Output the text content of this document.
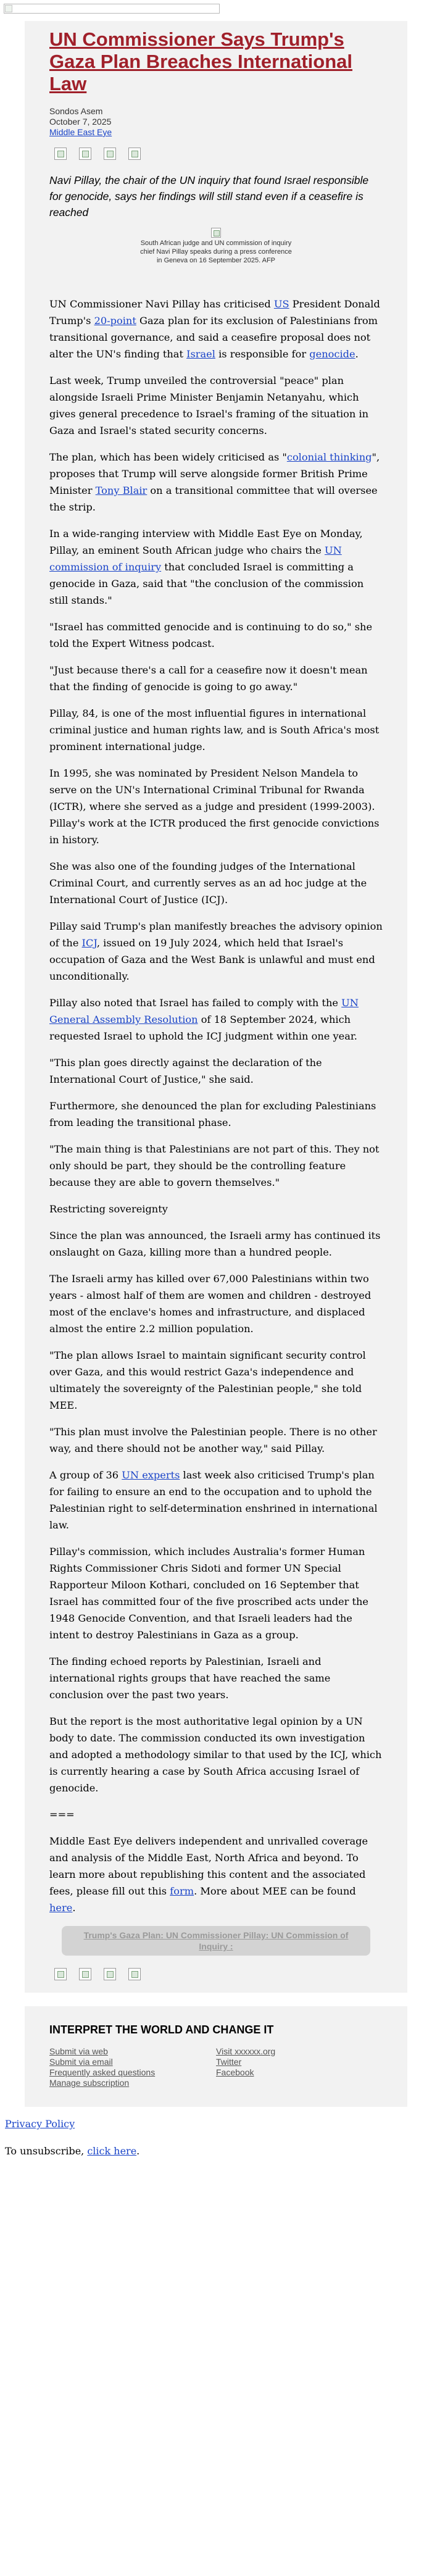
UN Commissioner Says Trump's Gaza Plan Breaches International Law

Sondos Asem

October 7, 2025

Middle East Eye

Navi Pillay, the chair of the UN inquiry that found Israel responsible for genocide, says her findings will still stand even if a ceasefire is reached

South African judge and UN commission of inquiry chief Navi Pillay speaks during a press conference in Geneva on 16 September 2025. AFP

UN Commissioner Navi Pillay has criticised US President Donald Trump's 20-point Gaza plan for its exclusion of Palestinians from transitional governance, and said a ceasefire proposal does not alter the UN's finding that Israel is responsible for genocide.

Last week, Trump unveiled the controversial "peace" plan alongside Israeli Prime Minister Benjamin Netanyahu, which gives general precedence to Israel's framing of the situation in Gaza and Israel's stated security concerns.

The plan, which has been widely criticised as "colonial thinking", proposes that Trump will serve alongside former British Prime Minister Tony Blair on a transitional committee that will oversee the strip.

In a wide-ranging interview with Middle East Eye on Monday, Pillay, an eminent South African judge who chairs the UN commission of inquiry that concluded Israel is committing a genocide in Gaza, said that "the conclusion of the commission still stands."

"Israel has committed genocide and is continuing to do so," she told the Expert Witness podcast.

"Just because there's a call for a ceasefire now it doesn't mean that the finding of genocide is going to go away."

Pillay, 84, is one of the most influential figures in international criminal justice and human rights law, and is South Africa's most prominent international judge.

In 1995, she was nominated by President Nelson Mandela to serve on the UN's International Criminal Tribunal for Rwanda (ICTR), where she served as a judge and president (1999-2003). Pillay's work at the ICTR produced the first genocide convictions in history.

She was also one of the founding judges of the International Criminal Court, and currently serves as an ad hoc judge at the International Court of Justice (ICJ).

Pillay said Trump's plan manifestly breaches the advisory opinion of the ICJ, issued on 19 July 2024, which held that Israel's occupation of Gaza and the West Bank is unlawful and must end unconditionally.

Pillay also noted that Israel has failed to comply with the UN General Assembly Resolution of 18 September 2024, which requested Israel to uphold the ICJ judgment within one year.

"This plan goes directly against the declaration of the International Court of Justice," she said.

Furthermore, she denounced the plan for excluding Palestinians from leading the transitional phase.

"The main thing is that Palestinians are not part of this. They not only should be part, they should be the controlling feature because they are able to govern themselves."

Restricting sovereignty

Since the plan was announced, the Israeli army has continued its onslaught on Gaza, killing more than a hundred people.

The Israeli army has killed over 67,000 Palestinians within two years - almost half of them are women and children - destroyed most of the enclave's homes and infrastructure, and displaced almost the entire 2.2 million population.

"The plan allows Israel to maintain significant security control over Gaza, and this would restrict Gaza's independence and ultimately the sovereignty of the Palestinian people," she told MEE.

"This plan must involve the Palestinian people. There is no other way, and there should not be another way," said Pillay.

A group of 36 UN experts last week also criticised Trump's plan for failing to ensure an end to the occupation and to uphold the Palestinian right to self-determination enshrined in international law.

Pillay's commission, which includes Australia's former Human Rights Commissioner Chris Sidoti and former UN Special Rapporteur Miloon Kothari, concluded on 16 September that Israel has committed four of the five proscribed acts under the 1948 Genocide Convention, and that Israeli leaders had the intent to destroy Palestinians in Gaza as a group.

The finding echoed reports by Palestinian, Israeli and international rights groups that have reached the same conclusion over the past two years.

But the report is the most authoritative legal opinion by a UN body to date. The commission conducted its own investigation and adopted a methodology similar to that used by the ICJ, which is currently hearing a case by South Africa accusing Israel of genocide.

===

Middle East Eye delivers independent and unrivalled coverage and analysis of the Middle East, North Africa and beyond. To learn more about republishing this content and the associated fees, please fill out this form. More about MEE can be found here.

Trump's Gaza Plan: UN Commissioner Pillay: UN Commission of Inquiry :
INTERPRET THE WORLD AND CHANGE IT
Submit via web
Submit via email
Frequently asked questions
Manage subscription
Visit xxxxxx.org
Twitter
Facebook

Privacy Policy

To unsubscribe, click here.
